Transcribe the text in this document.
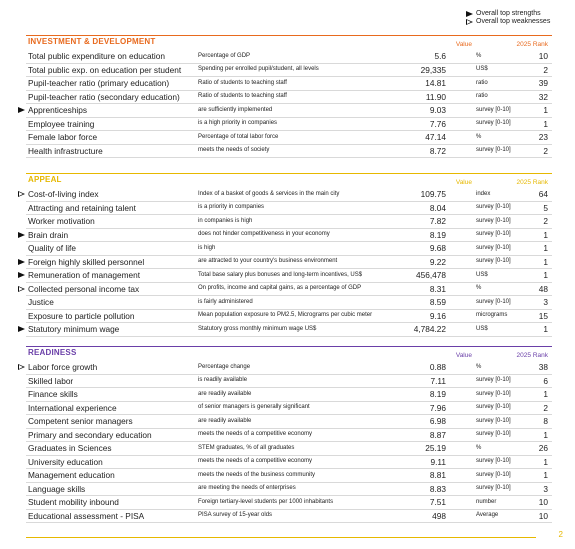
Overall top strengths
Overall top weaknesses
INVESTMENT & DEVELOPMENT	Value	2025 Rank
Total public expenditure on education	Percentage of GDP	5.6	%	10
Total public exp. on education per student	Spending per enrolled pupil/student, all levels	29,335	US$	2
Pupil-teacher ratio (primary education)	Ratio of students to teaching staff	14.81	ratio	39
Pupil-teacher ratio (secondary education)	Ratio of students to teaching staff	11.90	ratio	32
Apprenticeships	are sufficiently implemented	9.03	survey [0-10]	1
Employee training	is a high priority in companies	7.76	survey [0-10]	1
Female labor force	Percentage of total labor force	47.14	%	23
Health infrastructure	meets the needs of society	8.72	survey [0-10]	2
APPEAL	Value	2025 Rank
Cost-of-living index	Index of a basket of goods & services in the main city	109.75	index	64
Attracting and retaining talent	is a priority in companies	8.04	survey [0-10]	5
Worker motivation	in companies is high	7.82	survey [0-10]	2
Brain drain	does not hinder competitiveness in your economy	8.19	survey [0-10]	1
Quality of life	is high	9.68	survey [0-10]	1
Foreign highly skilled personnel	are attracted to your country's business environment	9.22	survey [0-10]	1
Remuneration of management	Total base salary plus bonuses and long-term incentives, US$	456,478	US$	1
Collected personal income tax	On profits, income and capital gains, as a percentage of GDP	8.31	%	48
Justice	is fairly administered	8.59	survey [0-10]	3
Exposure to particle pollution	Mean population exposure to PM2.5, Micrograms per cubic meter	9.16	micrograms	15
Statutory minimum wage	Statutory gross monthly minimum wage US$	4,784.22	US$	1
READINESS	Value	2025 Rank
Labor force growth	Percentage change	0.88	%	38
Skilled labor	is readily available	7.11	survey [0-10]	6
Finance skills	are readily available	8.19	survey [0-10]	1
International experience	of senior managers is generally significant	7.96	survey [0-10]	2
Competent senior managers	are readily available	6.98	survey [0-10]	8
Primary and secondary education	meets the needs of a competitive economy	8.87	survey [0-10]	1
Graduates in Sciences	STEM graduates, % of all graduates	25.19	%	26
University education	meets the needs of a competitive economy	9.11	survey [0-10]	1
Management education	meets the needs of the business community	8.81	survey [0-10]	1
Language skills	are meeting the needs of enterprises	8.83	survey [0-10]	3
Student mobility inbound	Foreign tertiary-level students per 1000 inhabitants	7.51	number	10
Educational assessment - PISA	PISA survey of 15-year olds	498	Average	10
2
